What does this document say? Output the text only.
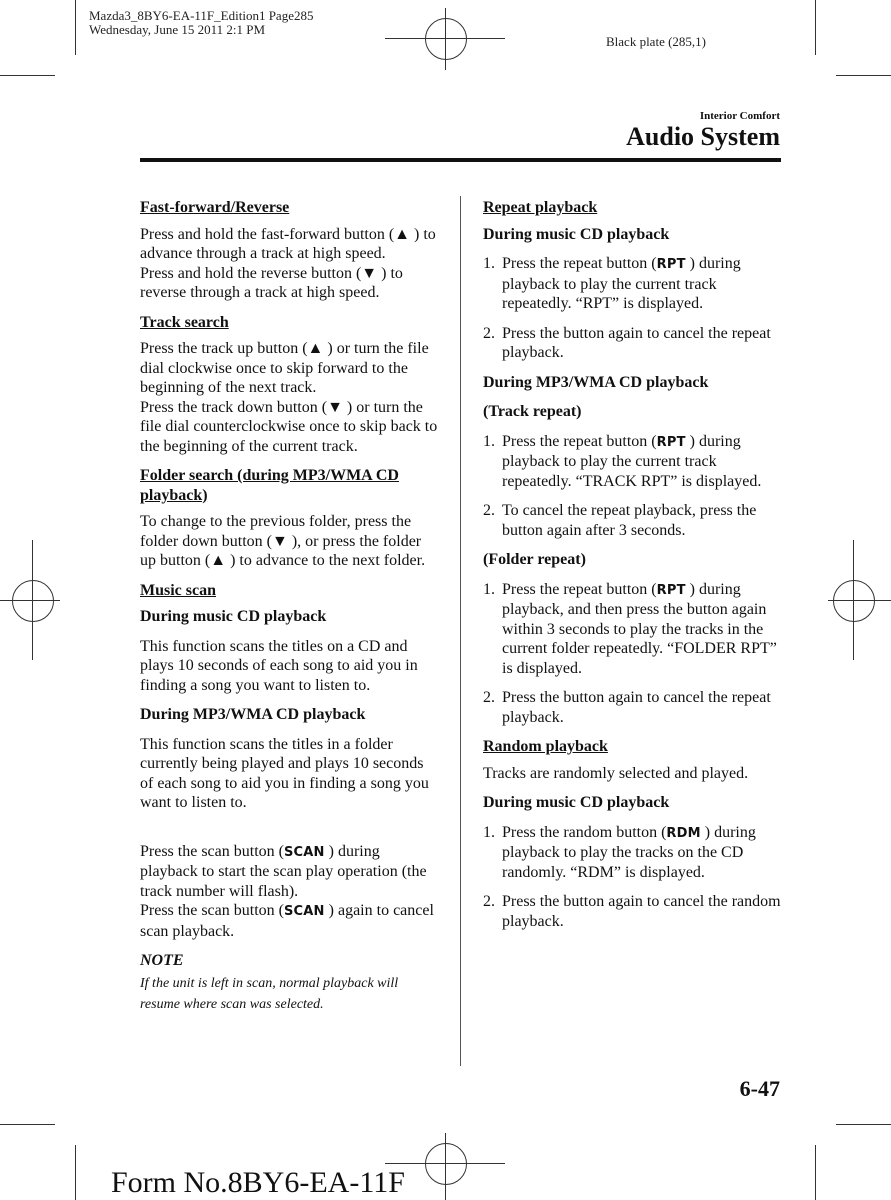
Mazda3_8BY6-EA-11F_Edition1 Page285
Wednesday, June 15 2011 2:1 PM
Black plate (285,1)
Interior Comfort
Audio System
Fast-forward/Reverse

Press and hold the fast-forward button (▲ ) to advance through a track at high speed.

Press and hold the reverse button (▼ ) to reverse through a track at high speed.

Track search

Press the track up button (▲ ) or turn the file dial clockwise once to skip forward to the beginning of the next track.

Press the track down button (▼ ) or turn the file dial counterclockwise once to skip back to the beginning of the current track.

Folder search (during MP3/WMA CD playback)

To change to the previous folder, press the folder down button (▼ ), or press the folder up button (▲ ) to advance to the next folder.

Music scan
During music CD playback

This function scans the titles on a CD and plays 10 seconds of each song to aid you in finding a song you want to listen to.

During MP3/WMA CD playback

This function scans the titles in a folder currently being played and plays 10 seconds of each song to aid you in finding a song you want to listen to.

Press the scan button (SCAN ) during playback to start the scan play operation (the track number will flash).

Press the scan button (SCAN ) again to cancel scan playback.

NOTE

If the unit is left in scan, normal playback will resume where scan was selected.

Repeat playback
During music CD playback
1. Press the repeat button (RPT ) during playback to play the current track repeatedly. “RPT” is displayed.
2. Press the button again to cancel the repeat playback.
During MP3/WMA CD playback
(Track repeat)
1. Press the repeat button (RPT ) during playback to play the current track repeatedly. “TRACK RPT” is displayed.
2. To cancel the repeat playback, press the button again after 3 seconds.
(Folder repeat)
1. Press the repeat button (RPT ) during playback, and then press the button again within 3 seconds to play the tracks in the current folder repeatedly. “FOLDER RPT” is displayed.
2. Press the button again to cancel the repeat playback.
Random playback

Tracks are randomly selected and played.

During music CD playback
1. Press the random button (RDM ) during playback to play the tracks on the CD randomly. “RDM” is displayed.
2. Press the button again to cancel the random playback.
6-47
Form No.8BY6-EA-11F
